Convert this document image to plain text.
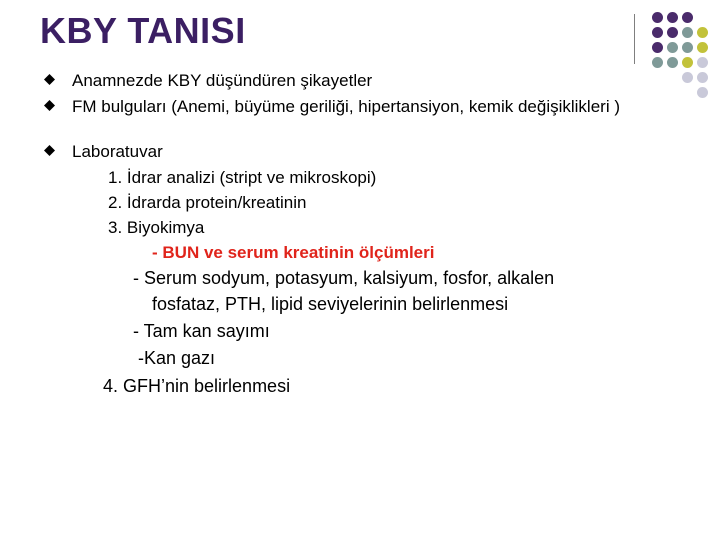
KBY TANISI
Anamnezde KBY düşündüren şikayetler
FM bulguları (Anemi, büyüme geriliği, hipertansiyon, kemik değişiklikleri )
Laboratuvar
1. İdrar analizi (stript ve mikroskopi)
2. İdrarda protein/kreatinin
3. Biyokimya
- BUN ve serum kreatinin ölçümleri
- Serum sodyum, potasyum, kalsiyum, fosfor, alkalen
fosfataz, PTH, lipid seviyelerinin belirlenmesi
- Tam kan sayımı
-Kan gazı
4. GFH’nin belirlenmesi
